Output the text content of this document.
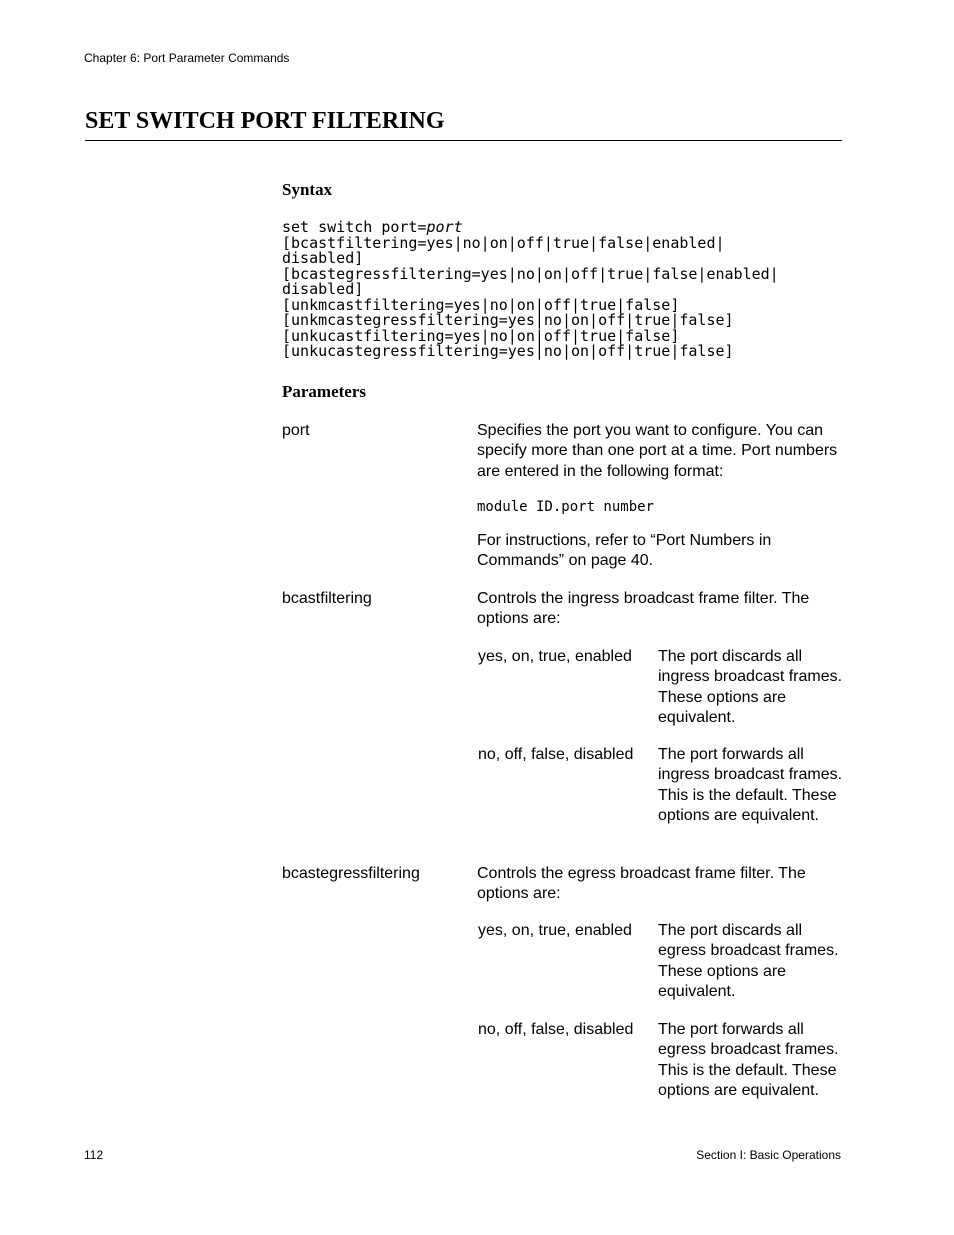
Chapter 6: Port Parameter Commands
SET SWITCH PORT FILTERING
Syntax
set switch port=port
[bcastfiltering=yes|no|on|off|true|false|enabled|
disabled]
[bcastegressfiltering=yes|no|on|off|true|false|enabled|
disabled]
[unkmcastfiltering=yes|no|on|off|true|false]
[unkmcastegressfiltering=yes|no|on|off|true|false]
[unkucastfiltering=yes|no|on|off|true|false]
[unkucastegressfiltering=yes|no|on|off|true|false]
Parameters
port	Specifies the port you want to configure. You can specify more than one port at a time. Port numbers are entered in the following format:

module ID.port number

For instructions, refer to “Port Numbers in Commands” on page 40.

bcastfiltering	Controls the ingress broadcast frame filter. The options are:

yes, on, true, enabled The port discards all ingress broadcast frames. These options are equivalent.

no, off, false, disabled The port forwards all ingress broadcast frames. This is the default. These options are equivalent.

bcastegressfiltering	Controls the egress broadcast frame filter. The options are:

yes, on, true, enabled The port discards all egress broadcast frames. These options are equivalent.

no, off, false, disabled The port forwards all egress broadcast frames. This is the default. These options are equivalent.

112	Section I: Basic Operations
